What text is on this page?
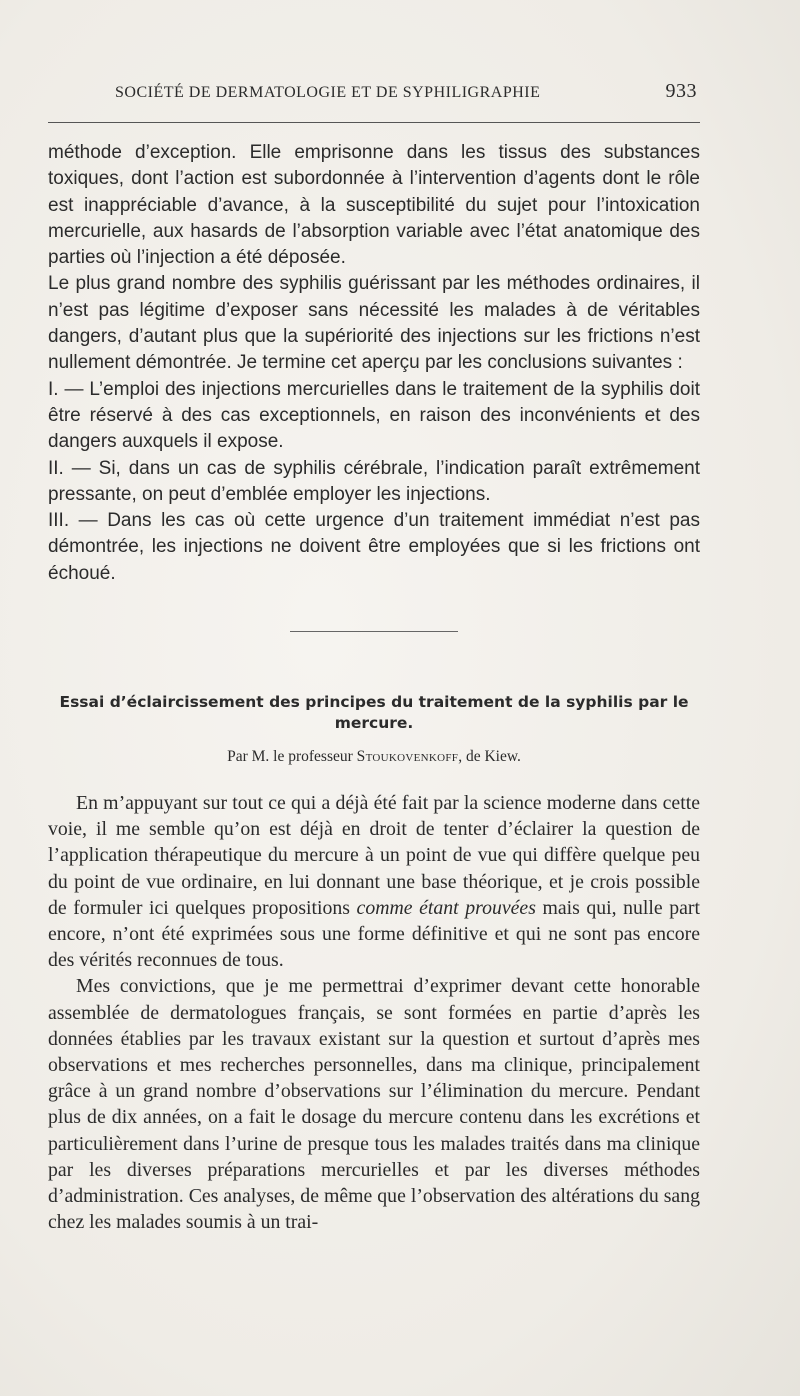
SOCIÉTÉ DE DERMATOLOGIE ET DE SYPHILIGRAPHIE	933

méthode d’exception. Elle emprisonne dans les tissus des substances toxiques, dont l’action est subordonnée à l’intervention d’agents dont le rôle est inappréciable d’avance, à la susceptibilité du sujet pour l’intoxication mercurielle, aux hasards de l’absorption variable avec l’état anatomique des parties où l’injection a été déposée.

Le plus grand nombre des syphilis guérissant par les méthodes ordinaires, il n’est pas légitime d’exposer sans nécessité les malades à de véritables dangers, d’autant plus que la supériorité des injections sur les frictions n’est nullement démontrée. Je termine cet aperçu par les conclusions suivantes :

I. — L’emploi des injections mercurielles dans le traitement de la syphilis doit être réservé à des cas exceptionnels, en raison des inconvénients et des dangers auxquels il expose.

II. — Si, dans un cas de syphilis cérébrale, l’indication paraît extrêmement pressante, on peut d’emblée employer les injections.

III. — Dans les cas où cette urgence d’un traitement immédiat n’est pas démontrée, les injections ne doivent être employées que si les frictions ont échoué.

Essai d’éclaircissement des principes du traitement de la syphilis par le mercure.
Par M. le professeur Stoukovenkoff, de Kiew.

En m’appuyant sur tout ce qui a déjà été fait par la science moderne dans cette voie, il me semble qu’on est déjà en droit de tenter d’éclairer la question de l’application thérapeutique du mercure à un point de vue qui diffère quelque peu du point de vue ordinaire, en lui donnant une base théorique, et je crois possible de formuler ici quelques propositions comme étant prouvées mais qui, nulle part encore, n’ont été exprimées sous une forme définitive et qui ne sont pas encore des vérités reconnues de tous.

Mes convictions, que je me permettrai d’exprimer devant cette honorable assemblée de dermatologues français, se sont formées en partie d’après les données établies par les travaux existant sur la question et surtout d’après mes observations et mes recherches personnelles, dans ma clinique, principalement grâce à un grand nombre d’observations sur l’élimination du mercure. Pendant plus de dix années, on a fait le dosage du mercure contenu dans les excrétions et particulièrement dans l’urine de presque tous les malades traités dans ma clinique par les diverses préparations mercurielles et par les diverses méthodes d’administration. Ces analyses, de même que l’observation des altérations du sang chez les malades soumis à un trai-
